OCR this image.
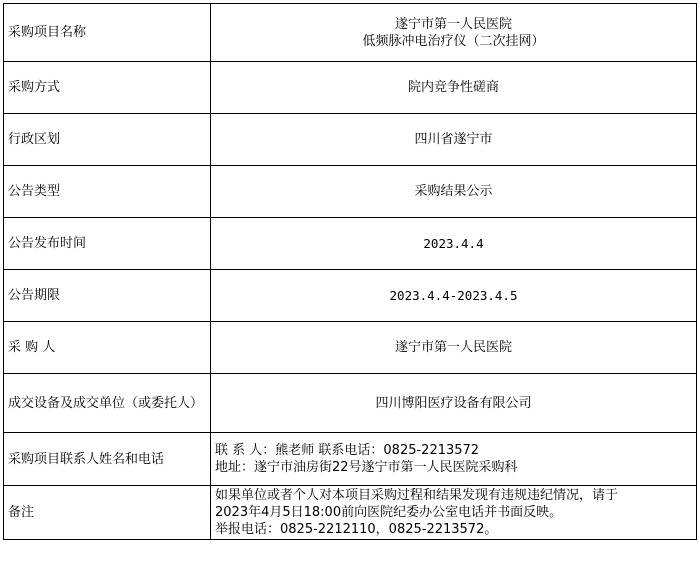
采购项目名称	遂宁市第一人民医院
低频脉冲电治疗仪（二次挂网）

采购方式	院内竞争性磋商
行政区划	四川省遂宁市
公告类型	采购结果公示
公告发布时间	2023.4.4
公告期限	2023.4.4-2023.4.5
采 购 人	遂宁市第一人民医院
成交设备及成交单位（或委托人）	四川博阳医疗设备有限公司
采购项目联系人姓名和电话	联 系 人：熊老师 联系电话：0825-2213572
地址：遂宁市油房街22号遂宁市第一人民医院采购科

备注	如果单位或者个人对本项目采购过程和结果发现有违规违纪情况，请于
2023年4月5日18:00前向医院纪委办公室电话并书面反映。
举报电话：0825-2212110，0825-2213572。
